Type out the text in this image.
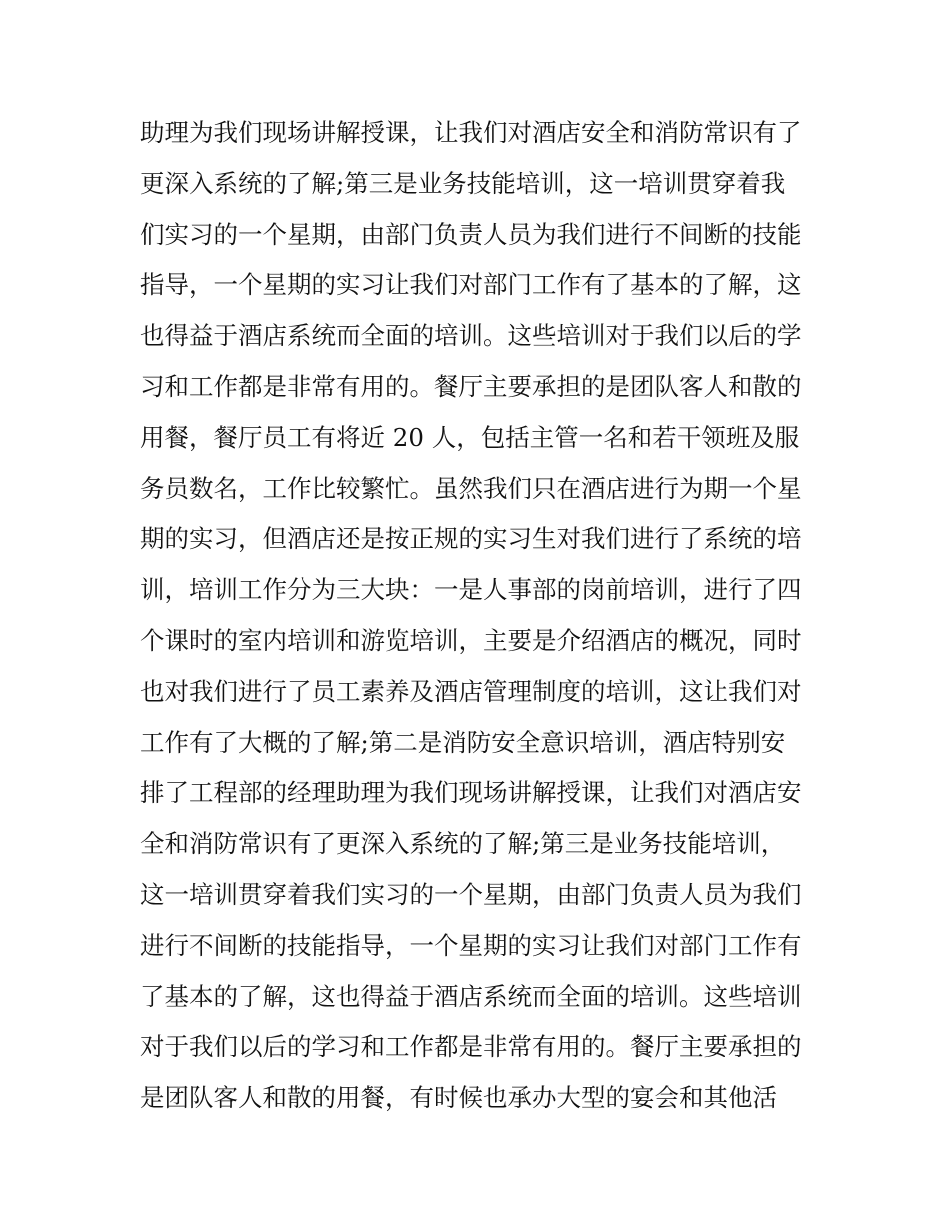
助理为我们现场讲解授课，让我们对酒店安全和消防常识有了
更深入系统的了解;第三是业务技能培训，这一培训贯穿着我
们实习的一个星期，由部门负责人员为我们进行不间断的技能
指导，一个星期的实习让我们对部门工作有了基本的了解，这
也得益于酒店系统而全面的培训。这些培训对于我们以后的学
习和工作都是非常有用的。餐厅主要承担的是团队客人和散的
用餐，餐厅员工有将近 20 人，包括主管一名和若干领班及服
务员数名，工作比较繁忙。虽然我们只在酒店进行为期一个星
期的实习，但酒店还是按正规的实习生对我们进行了系统的培
训，培训工作分为三大块：一是人事部的岗前培训，进行了四
个课时的室内培训和游览培训，主要是介绍酒店的概况，同时
也对我们进行了员工素养及酒店管理制度的培训，这让我们对
工作有了大概的了解;第二是消防安全意识培训，酒店特别安
排了工程部的经理助理为我们现场讲解授课，让我们对酒店安
全和消防常识有了更深入系统的了解;第三是业务技能培训，
这一培训贯穿着我们实习的一个星期，由部门负责人员为我们
进行不间断的技能指导，一个星期的实习让我们对部门工作有
了基本的了解，这也得益于酒店系统而全面的培训。这些培训
对于我们以后的学习和工作都是非常有用的。餐厅主要承担的
是团队客人和散的用餐，有时候也承办大型的宴会和其他活
